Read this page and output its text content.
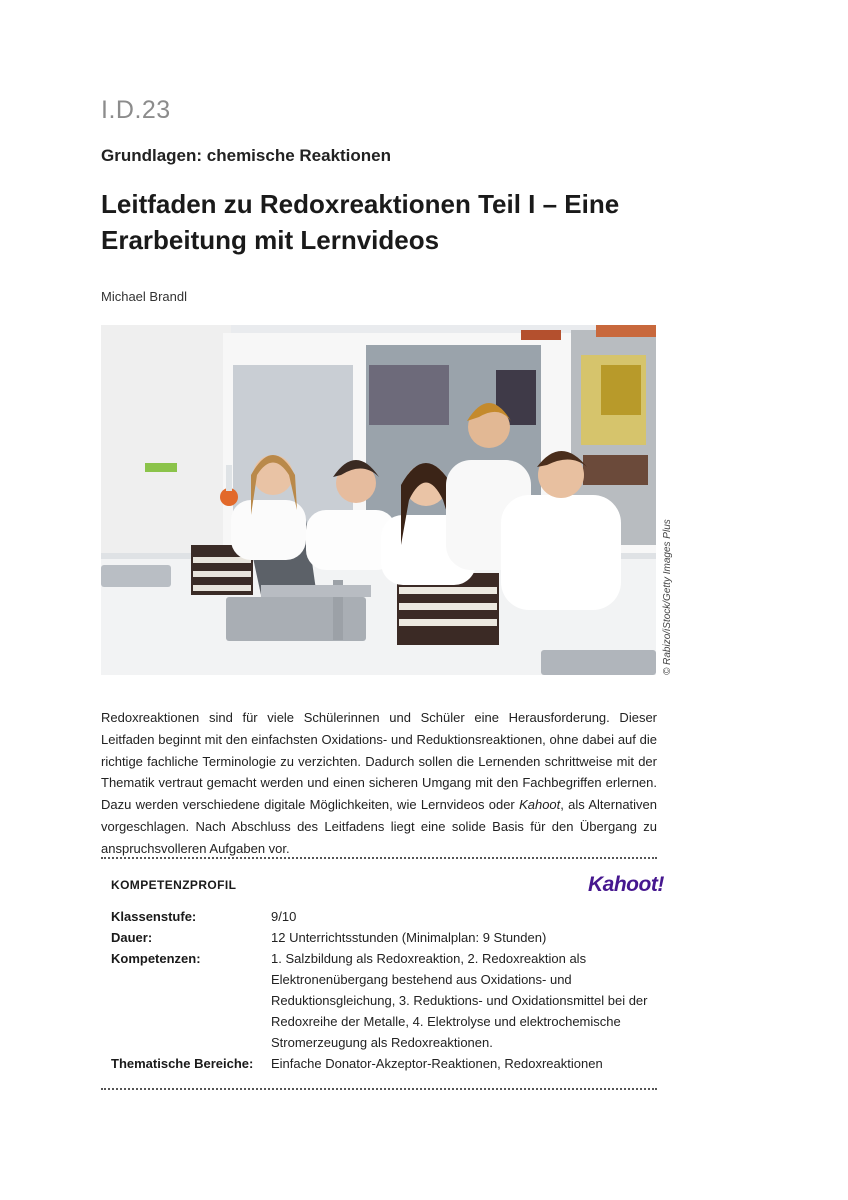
I.D.23
Grundlagen: chemische Reaktionen
Leitfaden zu Redoxreaktionen Teil I – Eine Erarbeitung mit Lernvideos
Michael Brandl
© Rabizo/iStock/Getty Images Plus
Redoxreaktionen sind für viele Schülerinnen und Schüler eine Herausforderung. Dieser Leitfaden beginnt mit den einfachsten Oxidations- und Reduktionsreaktionen, ohne dabei auf die richtige fachliche Terminologie zu verzichten. Dadurch sollen die Lernenden schrittweise mit der Thematik vertraut gemacht werden und einen sicheren Umgang mit den Fachbegriffen erlernen. Dazu werden verschiedene digitale Möglichkeiten, wie Lernvideos oder Kahoot, als Alternativen vorgeschlagen. Nach Abschluss des Leitfadens liegt eine solide Basis für den Übergang zu anspruchsvolleren Aufgaben vor.
KOMPETENZPROFIL	Kahoot!
Klassenstufe:	9/10
Dauer:	12 Unterrichtsstunden (Minimalplan: 9 Stunden)
Kompetenzen:	1. Salzbildung als Redoxreaktion, 2. Redoxreaktion als Elektronenübergang bestehend aus Oxidations- und Reduktionsgleichung, 3. Reduktions- und Oxidationsmittel bei der Redoxreihe der Metalle, 4. Elektrolyse und elektrochemische Stromerzeugung als Redoxreaktionen.
Thematische Bereiche: Einfache Donator-Akzeptor-Reaktionen, Redoxreaktionen
